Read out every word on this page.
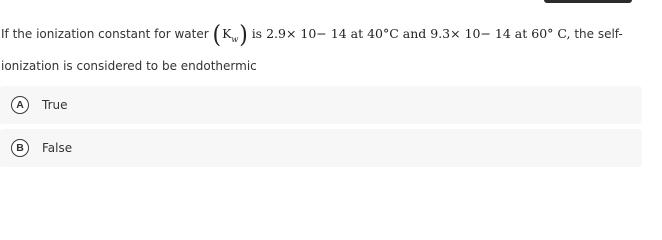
If the ionization constant for water $(K_w)$ is 2.9× 10− 14 at 40°C and 9.3× 10− 14 at 60° C, the self-
ionization is considered to be endothermic
A	True
B	False
